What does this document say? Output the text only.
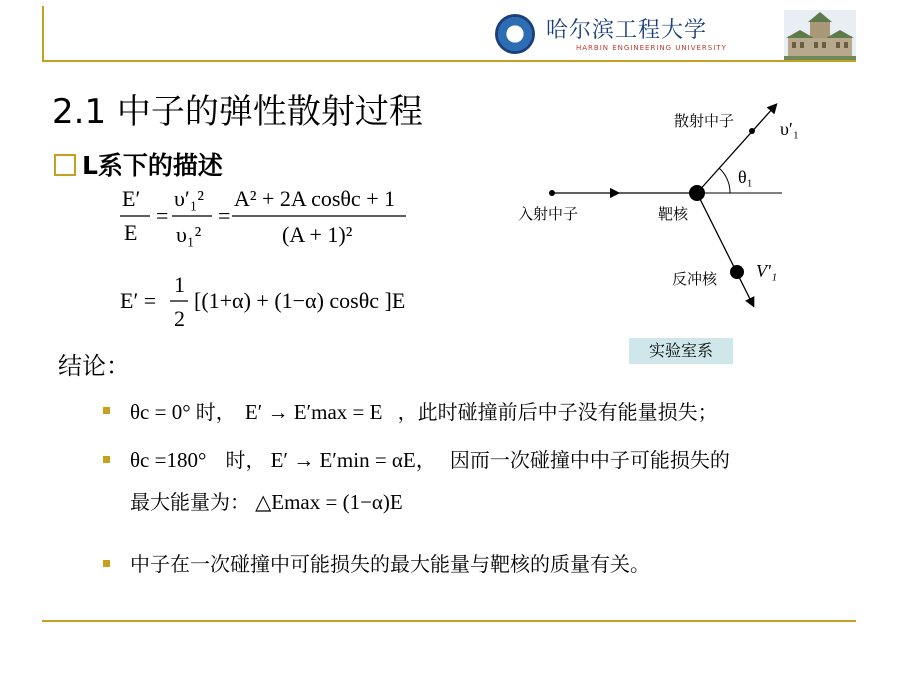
哈尔滨工程大学
HARBIN ENGINEERING UNIVERSITY
2.1 中子的弹性散射过程
L系下的描述
E′
E
=
υ′₁²
υ₁²
=
A² + 2A cosθc + 1
(A + 1)²
E′ =
1
2
[(1+α) + (1−α) cosθc ]E
结论：
θc = 0° 时， E′ → E′max = E ，此时碰撞前后中子没有能量损失；
θc =180° 时， E′ → E′min = αE， 因而一次碰撞中中子可能损失的
最大能量为： △Emax = (1−α)E
中子在一次碰撞中可能损失的最大能量与靶核的质量有关。
散射中子
入射中子	靶核
反冲核
υ′₁
θ₁
V′₁
实验室系
